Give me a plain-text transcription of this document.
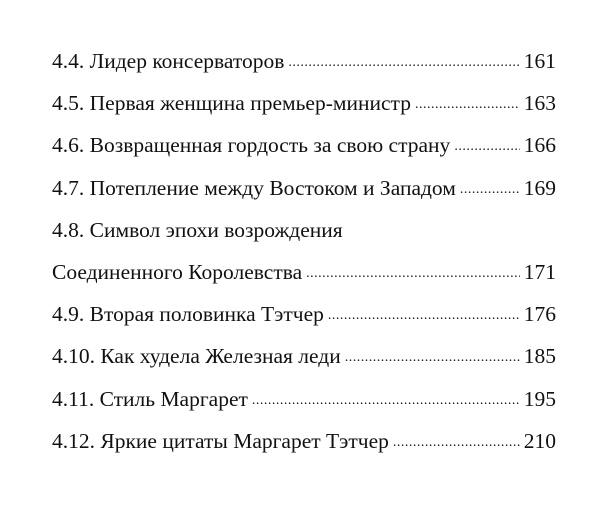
4.4. Лидер консерваторов .....	161
4.5. Первая женщина премьер-министр .....	163
4.6. Возвращенная гордость за свою страну .....	166
4.7. Потепление между Востоком и Западом .....	169
4.8. Символ эпохи возрождения
Соединенного Королевства .....	171
4.9. Вторая половинка Тэтчер .....	176
4.10. Как худела Железная леди .....	185
4.11. Стиль Маргарет .....	195
4.12. Яркие цитаты Маргарет Тэтчер .....	210
